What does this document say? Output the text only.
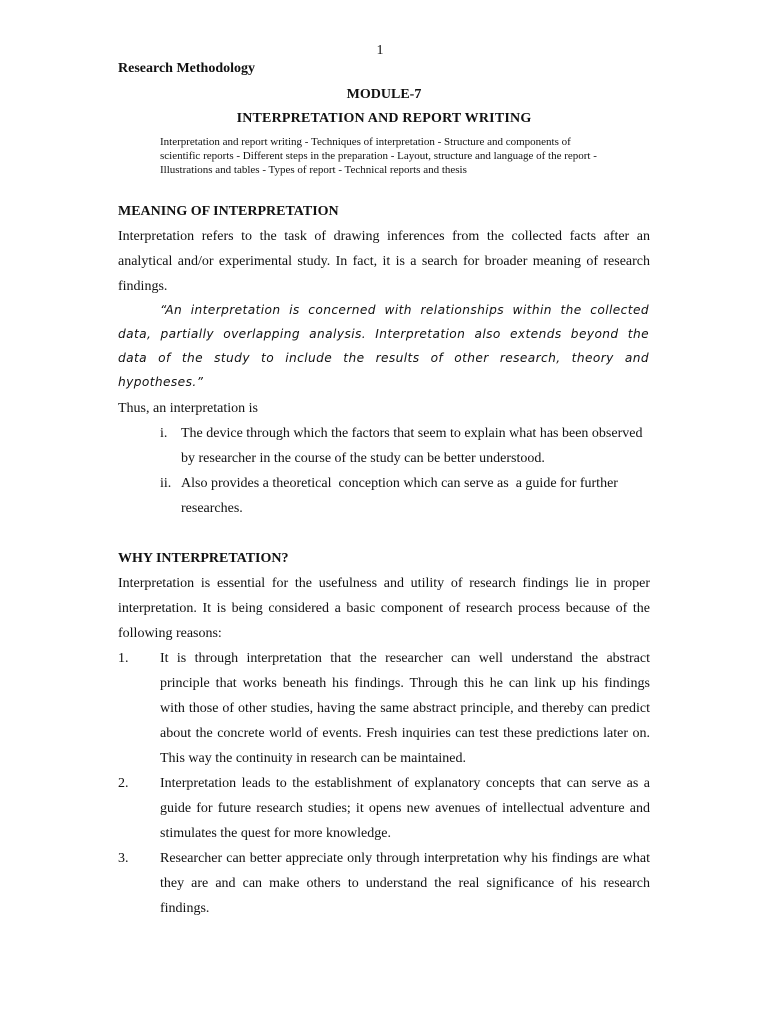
1
Research Methodology
MODULE-7
INTERPRETATION AND REPORT WRITING
Interpretation and report writing - Techniques of interpretation - Structure and components of scientific reports - Different steps in the preparation - Layout, structure and language of the report - Illustrations and tables - Types of report - Technical reports and thesis
MEANING OF INTERPRETATION
Interpretation refers to the task of drawing inferences from the collected facts after an
analytical and/or experimental study. In fact, it is a search for broader meaning of research
findings.
“An interpretation is concerned with relationships within the collected
data, partially overlapping analysis. Interpretation also extends beyond the
data of the study to include the results of other research, theory and
hypotheses.”
Thus, an interpretation is
i. The device through which the factors that seem to explain what has been observed
by researcher in the course of the study can be better understood.
ii. Also provides a theoretical  conception which can serve as  a guide for further
researches.
WHY INTERPRETATION?
Interpretation is essential for the usefulness and utility of research findings lie in proper
interpretation. It is being considered a basic component of research process because of the
following reasons:
1. It is through interpretation that the researcher can well understand the abstract
principle that works beneath his findings. Through this he can link up his findings
with those of other studies, having the same abstract principle, and thereby can predict
about the concrete world of events. Fresh inquiries can test these predictions later on.
This way the continuity in research can be maintained.
2. Interpretation leads to the establishment of explanatory concepts that can serve as a
guide for future research studies; it opens new avenues of intellectual adventure and
stimulates the quest for more knowledge.
3. Researcher can better appreciate only through interpretation why his findings are what
they are and can make others to understand the real significance of his research
findings.
